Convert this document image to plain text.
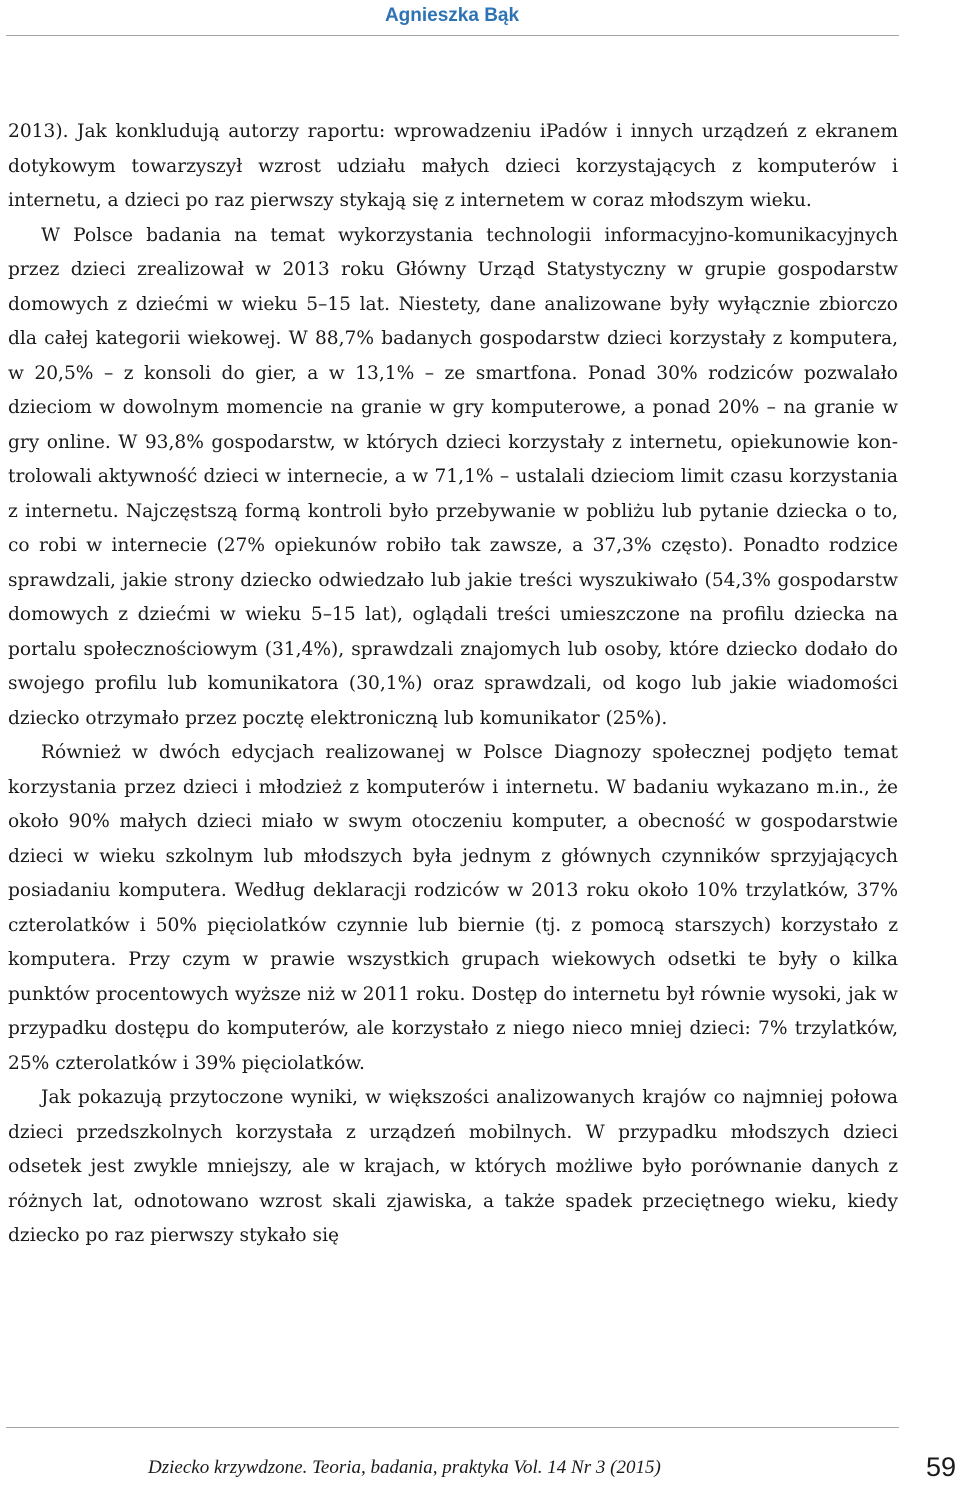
Agnieszka Bąk

2013). Jak konkludują autorzy raportu: wprowadzeniu iPadów i innych urządzeń z ekranem dotykowym towarzyszył wzrost udziału małych dzieci korzystających z komputerów i internetu, a dzieci po raz pierwszy stykają się z internetem w coraz młodszym wieku.

W Polsce badania na temat wykorzystania technologii informacyjno-komunikacyjnych przez dzieci zrealizował w 2013 roku Główny Urząd Statystyczny w grupie gospodarstw domowych z dziećmi w wieku 5–15 lat. Niestety, dane analizowane były wyłącznie zbiorczo dla całej kategorii wiekowej. W 88,7% badanych gospodarstw dzieci korzystały z komputera, w 20,5% – z konsoli do gier, a w 13,1% – ze smartfona. Ponad 30% rodziców pozwalało dzieciom w dowolnym momencie na granie w gry komputerowe, a ponad 20% – na granie w gry online. W 93,8% gospodarstw, w których dzieci korzystały z internetu, opiekunowie kontrolowali aktywność dzieci w internecie, a w 71,1% – ustalali dzieciom limit czasu korzystania z internetu. Najczęstszą formą kontroli było przebywanie w pobliżu lub pytanie dziecka o to, co robi w internecie (27% opiekunów robiło tak zawsze, a 37,3% często). Ponadto rodzice sprawdzali, jakie strony dziecko odwiedzało lub jakie treści wyszukiwało (54,3% gospodarstw domowych z dziećmi w wieku 5–15 lat), oglądali treści umieszczone na profilu dziecka na portalu społecznościowym (31,4%), sprawdzali znajomych lub osoby, które dziecko dodało do swojego profilu lub komunikatora (30,1%) oraz sprawdzali, od kogo lub jakie wiadomości dziecko otrzymało przez pocztę elektroniczną lub komunikator (25%).

Również w dwóch edycjach realizowanej w Polsce Diagnozy społecznej podjęto temat korzystania przez dzieci i młodzież z komputerów i internetu. W badaniu wykazano m.in., że około 90% małych dzieci miało w swym otoczeniu komputer, a obecność w gospodarstwie dzieci w wieku szkolnym lub młodszych była jednym z głównych czynników sprzyjających posiadaniu komputera. Według deklaracji rodziców w 2013 roku około 10% trzylatków, 37% czterolatków i 50% pięciolatków czynnie lub biernie (tj. z pomocą starszych) korzystało z komputera. Przy czym w prawie wszystkich grupach wiekowych odsetki te były o kilka punktów procentowych wyższe niż w 2011 roku. Dostęp do internetu był równie wysoki, jak w przypadku dostępu do komputerów, ale korzystało z niego nieco mniej dzieci: 7% trzylatków, 25% czterolatków i 39% pięciolatków.

Jak pokazują przytoczone wyniki, w większości analizowanych krajów co najmniej połowa dzieci przedszkolnych korzystała z urządzeń mobilnych. W przypadku młodszych dzieci odsetek jest zwykle mniejszy, ale w krajach, w których możliwe było porównanie danych z różnych lat, odnotowano wzrost skali zjawiska, a także spadek przeciętnego wieku, kiedy dziecko po raz pierwszy stykało się

Dziecko krzywdzone. Teoria, badania, praktyka Vol. 14 Nr 3 (2015)	59
